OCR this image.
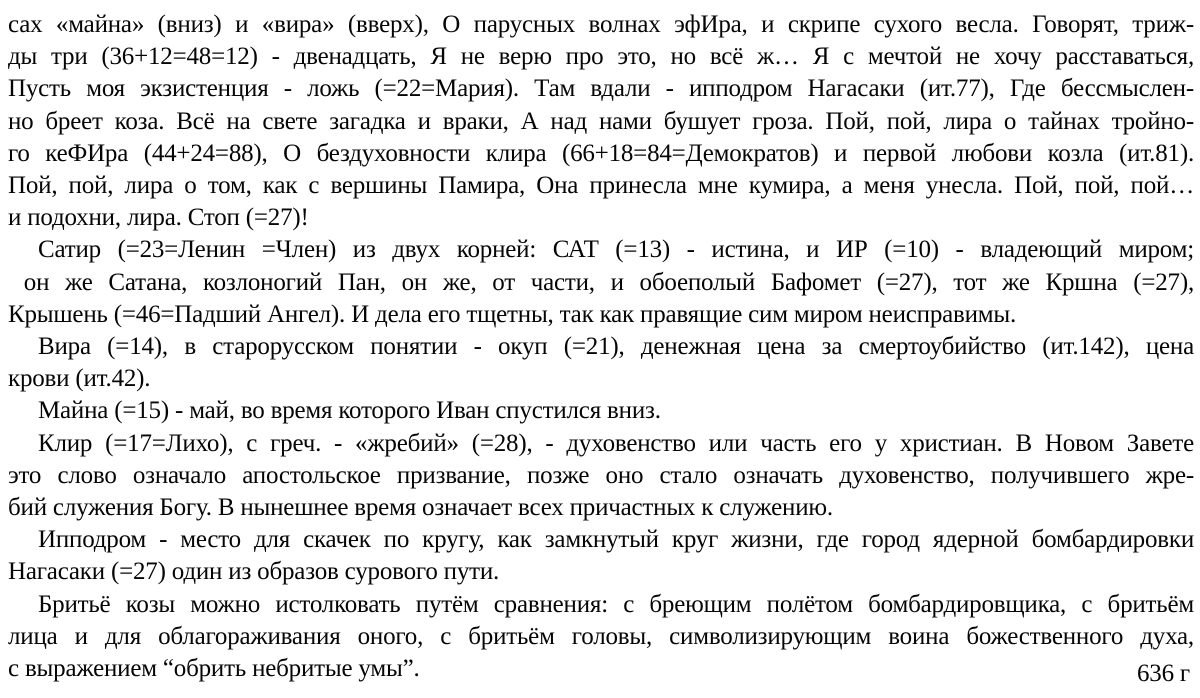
сах «майна» (вниз) и «вира» (вверх), О парусных волнах эфИра, и скрипе сухого весла. Говорят, триж-
ды три (36+12=48=12) - двенадцать, Я не верю про это, но всё ж… Я с мечтой не хочу расставаться,
Пусть моя экзистенция - ложь (=22=Мария). Там вдали - ипподром Нагасаки (ит.77), Где бессмыслен-
но бреет коза. Всё на свете загадка и враки, А над нами бушует гроза. Пой, пой, лира о тайнах тройно-
го кеФИра (44+24=88), О бездуховности клира (66+18=84=Демократов) и первой любови козла (ит.81).
Пой, пой, лира о том, как с вершины Памира, Она принесла мне кумира, а меня унесла. Пой, пой, пой…
и подохни, лира. Стоп (=27)!
Сатир (=23=Ленин =Член) из двух корней: САТ (=13) - истина, и ИР (=10) - владеющий миром;
он же Сатана, козлоногий Пан, он же, от части, и обоеполый Бафомет (=27), тот же Кршна (=27),
Крышень (=46=Падший Ангел). И дела его тщетны, так как правящие сим миром неисправимы.
Вира (=14), в старорусском понятии - окуп (=21), денежная цена за смертоубийство (ит.142), цена
крови (ит.42).
Майна (=15) - май, во время которого Иван спустился вниз.
Клир (=17=Лихо), с греч. - «жребий» (=28), - духовенство или часть его у христиан. В Новом Завете
это слово означало апостольское призвание, позже оно стало означать духовенство, получившего жре-
бий служения Богу. В нынешнее время означает всех причастных к служению.
Ипподром - место для скачек по кругу, как замкнутый круг жизни, где город ядерной бомбардировки
Нагасаки (=27) один из образов сурового пути.
Бритьё козы можно истолковать путём сравнения: с бреющим полётом бомбардировщика, с бритьём
лица и для облагораживания оного, с бритьём головы, символизирующим воина божественного духа,
с выражением “обрить небритые умы”.	636 г
